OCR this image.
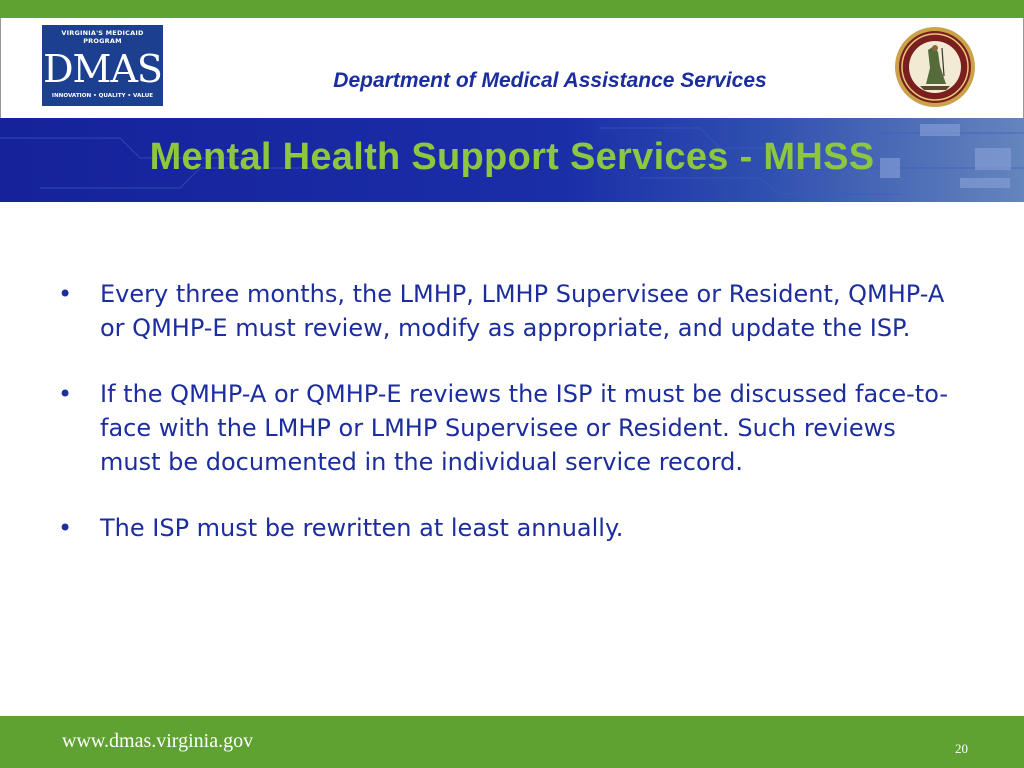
VIRGINIA'S MEDICAID PROGRAM
DMAS
INNOVATION • QUALITY • VALUE
Department of Medical Assistance Services
Mental Health Support Services - MHSS
• Every three months, the LMHP, LMHP Supervisee or Resident, QMHP-A or QMHP-E must review, modify as appropriate, and update the ISP.
• If the QMHP-A or QMHP-E reviews the ISP it must be discussed face-to-face with the LMHP or LMHP Supervisee or Resident. Such reviews must be documented in the individual service record.
• The ISP must be rewritten at least annually.
www.dmas.virginia.gov	20
